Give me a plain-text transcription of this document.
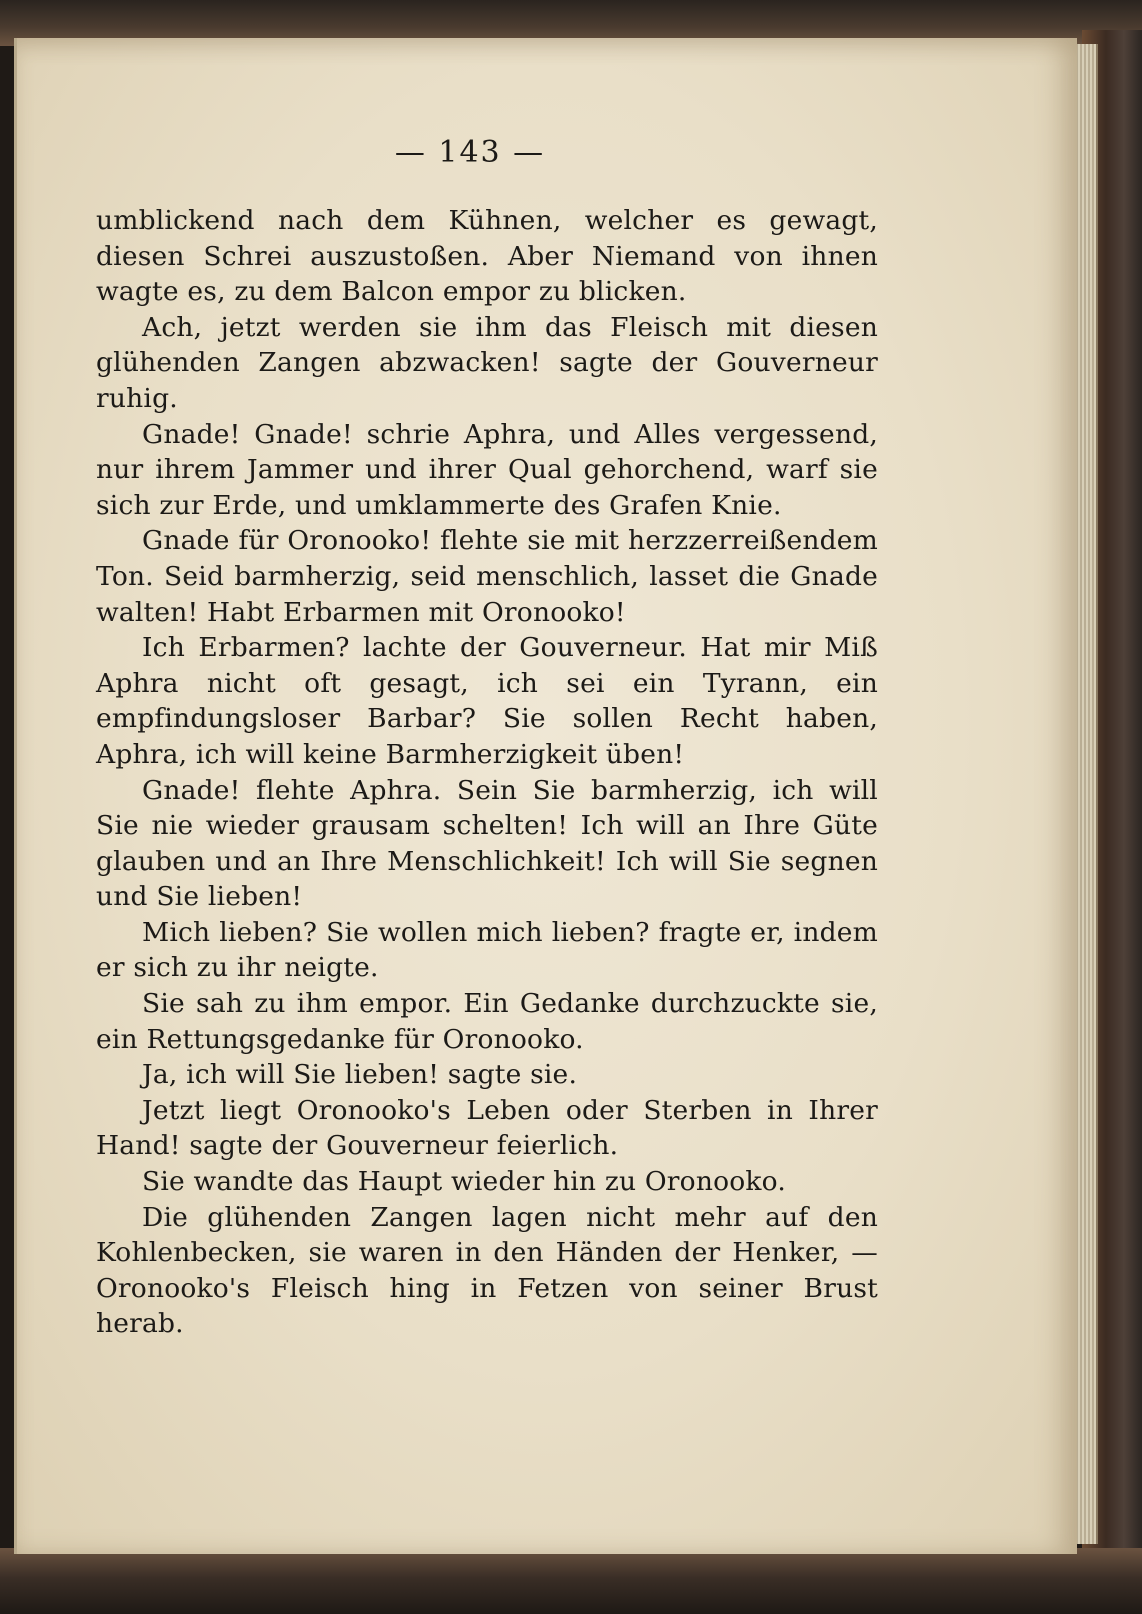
— 143 —

umblickend nach dem Kühnen, welcher es gewagt, diesen Schrei auszustoßen. Aber Niemand von ihnen wagte es, zu dem Balcon empor zu blicken.

Ach, jetzt werden sie ihm das Fleisch mit diesen glühenden Zangen abzwacken! sagte der Gouverneur ruhig.

Gnade! Gnade! schrie Aphra, und Alles vergessend, nur ihrem Jammer und ihrer Qual gehorchend, warf sie sich zur Erde, und umklammerte des Grafen Knie.

Gnade für Oronooko! flehte sie mit herzzerreißendem Ton. Seid barmherzig, seid menschlich, lasset die Gnade walten! Habt Erbarmen mit Oronooko!

Ich Erbarmen? lachte der Gouverneur. Hat mir Miß Aphra nicht oft gesagt, ich sei ein Tyrann, ein empfindungsloser Barbar? Sie sollen Recht haben, Aphra, ich will keine Barmherzigkeit üben!

Gnade! flehte Aphra. Sein Sie barmherzig, ich will Sie nie wieder grausam schelten! Ich will an Ihre Güte glauben und an Ihre Menschlichkeit! Ich will Sie segnen und Sie lieben!

Mich lieben? Sie wollen mich lieben? fragte er, indem er sich zu ihr neigte.

Sie sah zu ihm empor. Ein Gedanke durchzuckte sie, ein Rettungsgedanke für Oronooko.

Ja, ich will Sie lieben! sagte sie.

Jetzt liegt Oronooko's Leben oder Sterben in Ihrer Hand! sagte der Gouverneur feierlich.

Sie wandte das Haupt wieder hin zu Oronooko.

Die glühenden Zangen lagen nicht mehr auf den Kohlenbecken, sie waren in den Händen der Henker, — Oronooko's Fleisch hing in Fetzen von seiner Brust herab.
